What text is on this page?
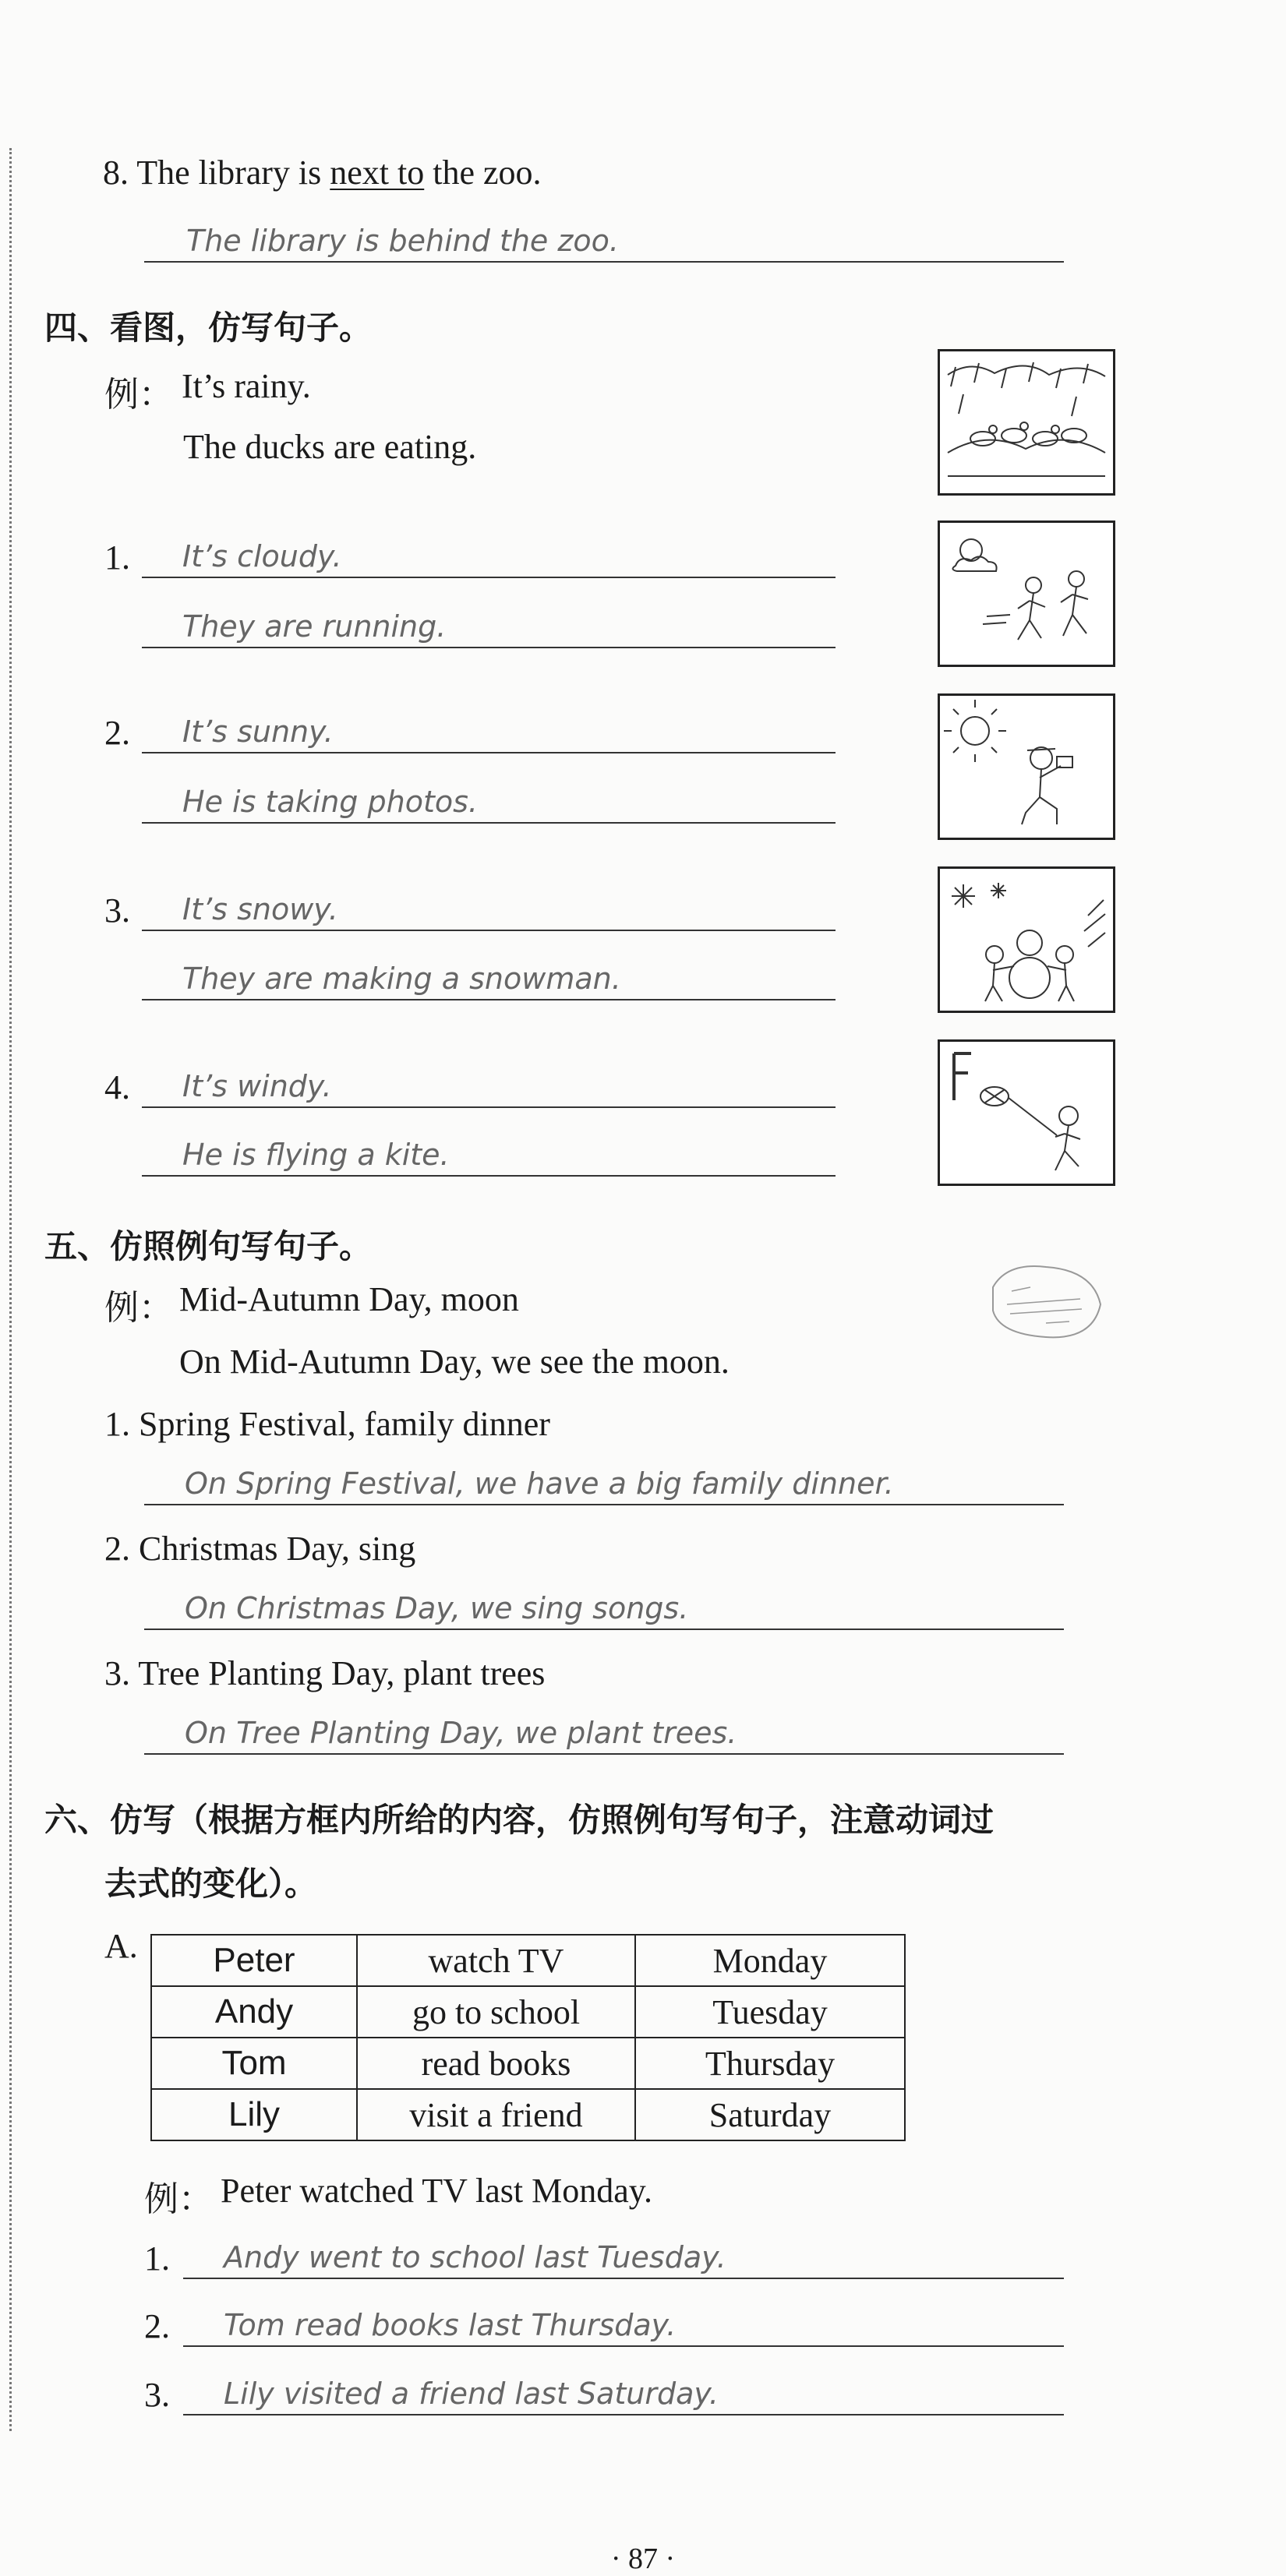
8. The library is next to the zoo.
The library is behind the zoo.
四、看图，仿写句子。
例： It’s rainy.
The ducks are eating.
1.	It’s cloudy.
They are running.
2.	It’s sunny.
He is taking photos.
3.	It’s snowy.
They are making a snowman.
4.	It’s windy.
He is flying a kite.
五、仿照例句写句子。
例： Mid-Autumn Day, moon
On Mid-Autumn Day, we see the moon.
1. Spring Festival, family dinner
On Spring Festival, we have a big family dinner.
2. Christmas Day, sing
On Christmas Day, we sing songs.
3. Tree Planting Day, plant trees
On Tree Planting Day, we plant trees.
六、仿写（根据方框内所给的内容，仿照例句写句子，注意动词过
去式的变化）。
A. Peter	watch TV	Monday
Andy	go to school	Tuesday
Tom	read books	Thursday
Lily	visit a friend	Saturday
例： Peter watched TV last Monday.
1.	Andy went to school last Tuesday.
2.	Tom read books last Thursday.
3.	Lily visited a friend last Saturday.
· 87 ·
